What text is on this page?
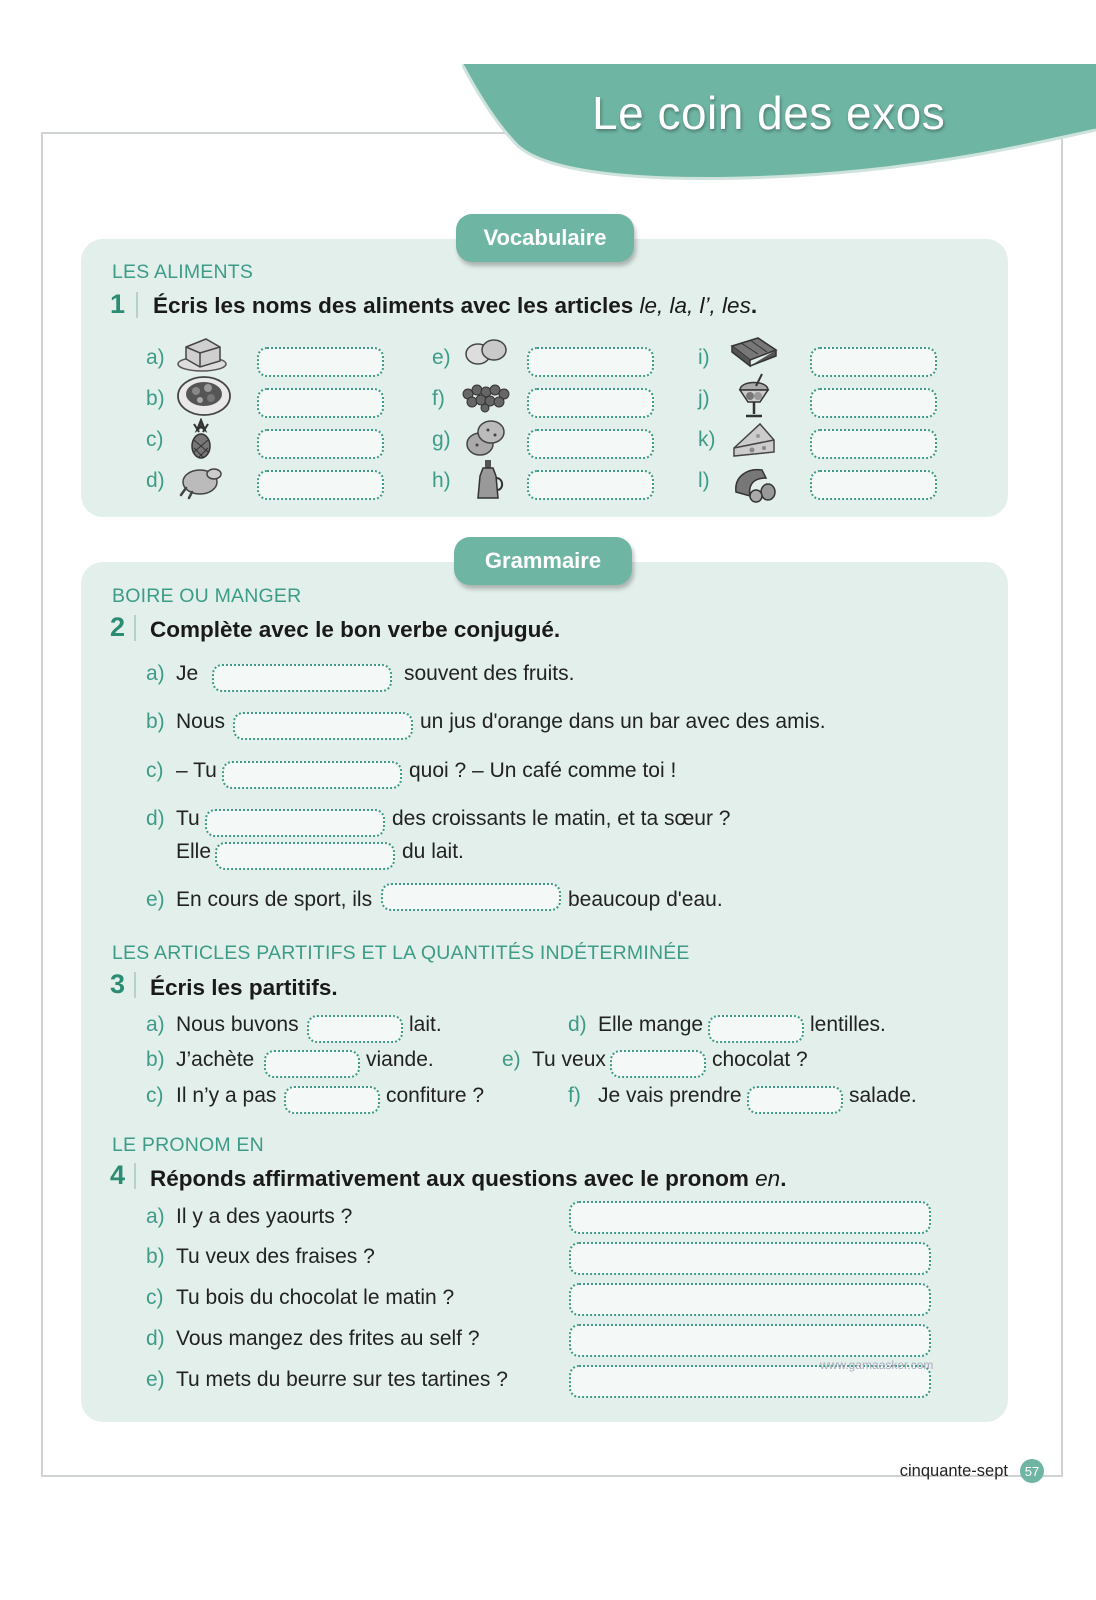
Le coin des exos
Vocabulaire
LES ALIMENTS
1 Écris les noms des aliments avec les articles le, la, l’, les.
a)
b)
c)
d)
e)
f)
g)
h)
i)
j)
k)
l)
Grammaire
BOIRE OU MANGER
2 Complète avec le bon verbe conjugué.
a) Je	souvent des fruits.
b) Nous	un jus d'orange dans un bar avec des amis.
c) – Tu	quoi ? – Un café comme toi !
d) Tu	des croissants le matin, et ta sœur ?
Elle	du lait.
e) En cours de sport, ils	beaucoup d'eau.
LES ARTICLES PARTITIFS ET LA QUANTITÉS INDÉTERMINÉE
3 Écris les partitifs.
a) Nous buvons	lait.
b) J’achète	viande.
c) Il n’y a pas	confiture ?
d) Elle mange	lentilles.
e) Tu veux	chocolat ?
f) Je vais prendre	salade.
LE PRONOM EN
4 Réponds affirmativement aux questions avec le pronom en.
a) Il y a des yaourts ?
b) Tu veux des fraises ?
c) Tu bois du chocolat le matin ?
d) Vous mangez des frites au self ?
e) Tu mets du beurre sur tes tartines ?
www.gamaasker.com
cinquante-sept	57
